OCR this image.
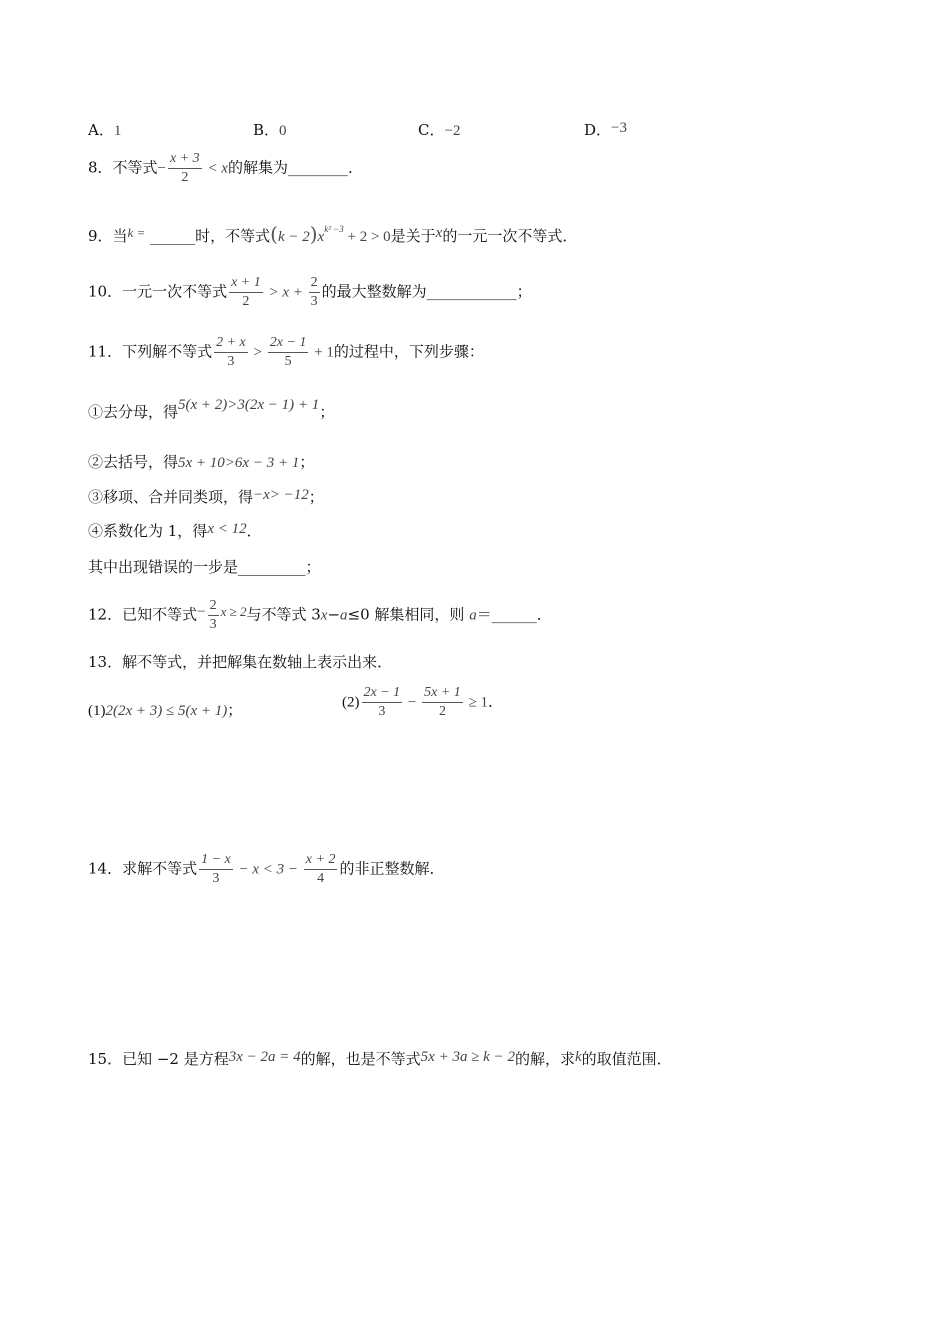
A．1	B．0	C．−2	D．−3
8．不等式− $\frac{x + 3}{2} < x$的解集为________．
9．当k = ______时，不等式$(k - 2)x^{k^2 -3} + 2 > 0$是关于x的一元一次不等式．
10．一元一次不等式 $\frac{x + 1}{2} > x + \frac{2}{3}$ 的最大整数解为____________；
11．下列解不等式 $\frac{2 + x}{3} > \frac{2x - 1}{5} + 1$的过程中，下列步骤：
①去分母，得5(x + 2)>3(2x − 1) + 1；
②去括号，得5x + 10>6x − 3 + 1；
③移项、合并同类项，得−x> −12；
④系数化为 1，得x < 12．
其中出现错误的一步是_________；
12．已知不等式− $\frac{2}{3}$ x ≥ 2与不等式 3x−a≤0 解集相同，则 a＝______．
13．解不等式，并把解集在数轴上表示出来．
(1)2(2x + 3) ≤ 5(x + 1)；	$(2) \frac{2x - 1}{3} - \frac{5x + 1}{2} \ge 1$．
14．求解不等式 $\frac{1 - x}{3} - x < 3 - \frac{x + 2}{4}$ 的非正整数解．
15．已知 −2 是方程3x − 2a = 4的解，也是不等式5x + 3a ≥ k − 2的解，求k的取值范围．
